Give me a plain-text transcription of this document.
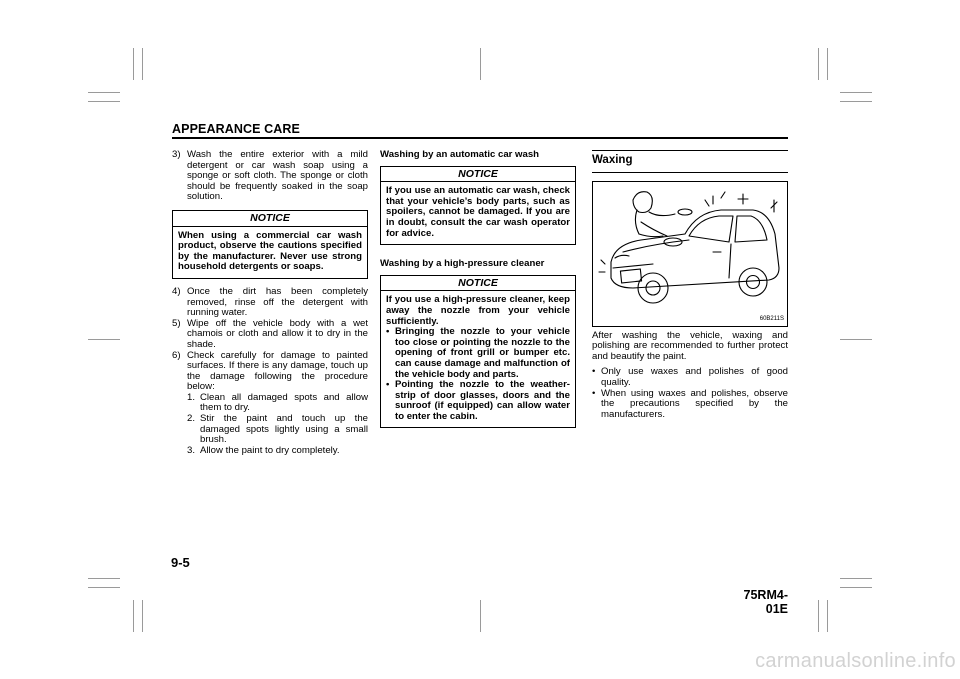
APPEARANCE CARE
3) Wash the entire exterior with a mild detergent or car wash soap using a sponge or soft cloth. The sponge or cloth should be frequently soaked in the soap solution.
NOTICE
When using a commercial car wash product, observe the cautions specified by the manufacturer. Never use strong household detergents or soaps.
4) Once the dirt has been completely removed, rinse off the detergent with running water.
5) Wipe off the vehicle body with a wet chamois or cloth and allow it to dry in the shade.
6) Check carefully for damage to painted surfaces. If there is any damage, touch up the damage following the procedure below:
1. Clean all damaged spots and allow them to dry.
2. Stir the paint and touch up the damaged spots lightly using a small brush.
3. Allow the paint to dry completely.
Washing by an automatic car wash
NOTICE
If you use an automatic car wash, check that your vehicle’s body parts, such as spoilers, cannot be damaged. If you are in doubt, consult the car wash operator for advice.
Washing by a high-pressure cleaner
NOTICE
If you use a high-pressure cleaner, keep away the nozzle from your vehicle sufficiently.
• Bringing the nozzle to your vehicle too close or pointing the nozzle to the opening of front grill or bumper etc. can cause damage and malfunction of the vehicle body and parts.
• Pointing the nozzle to the weather-strip of door glasses, doors and the sunroof (if equipped) can allow water to enter the cabin.
Waxing
60B211S
After washing the vehicle, waxing and polishing are recommended to further protect and beautify the paint.
• Only use waxes and polishes of good quality.
• When using waxes and polishes, observe the precautions specified by the manufacturers.
9-5
75RM4-01E
carmanualsonline.info
